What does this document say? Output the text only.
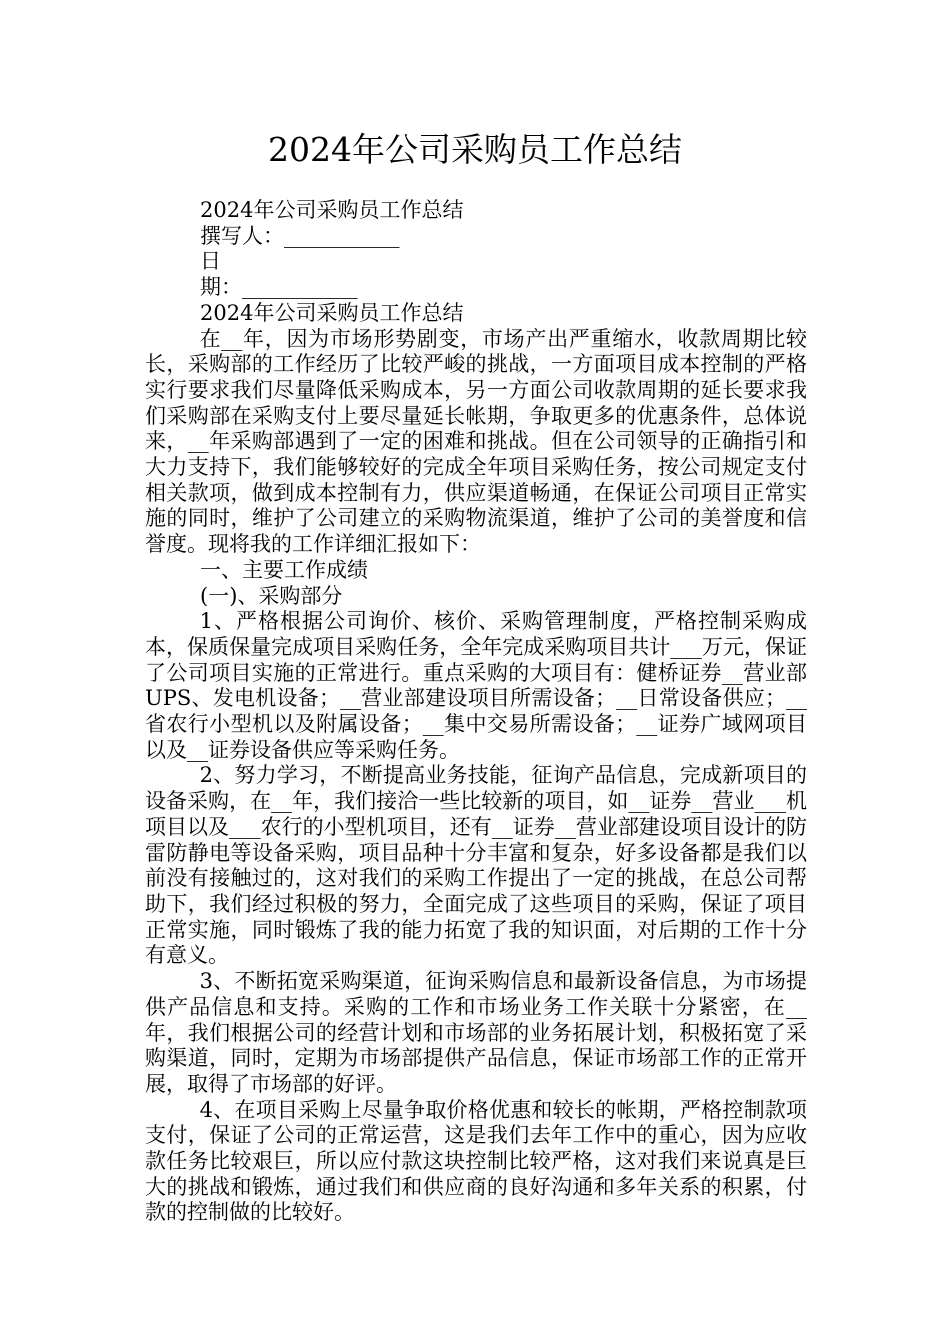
2024年公司采购员工作总结

2024年公司采购员工作总结

撰写人：___________

日

期：___________

2024年公司采购员工作总结

在__年，因为市场形势剧变，市场产出严重缩水，收款周期比较长，采购部的工作经历了比较严峻的挑战，一方面项目成本控制的严格实行要求我们尽量降低采购成本，另一方面公司收款周期的延长要求我们采购部在采购支付上要尽量延长帐期，争取更多的优惠条件，总体说来，__年采购部遇到了一定的困难和挑战。但在公司领导的正确指引和大力支持下，我们能够较好的完成全年项目采购任务，按公司规定支付相关款项，做到成本控制有力，供应渠道畅通，在保证公司项目正常实施的同时，维护了公司建立的采购物流渠道，维护了公司的美誉度和信誉度。现将我的工作详细汇报如下：

一、主要工作成绩

(一)、采购部分

1、严格根据公司询价、核价、采购管理制度，严格控制采购成本，保质保量完成项目采购任务，全年完成采购项目共计___万元，保证了公司项目实施的正常进行。重点采购的大项目有：健桥证券__营业部UPS、发电机设备；__营业部建设项目所需设备；__日常设备供应；__省农行小型机以及附属设备；__集中交易所需设备；__证券广域网项目以及__证券设备供应等采购任务。

2、努力学习，不断提高业务技能，征询产品信息，完成新项目的设备采购，在__年，我们接洽一些比较新的项目，如__证券__营业___机项目以及___农行的小型机项目，还有__证券__营业部建设项目设计的防雷防静电等设备采购，项目品种十分丰富和复杂，好多设备都是我们以前没有接触过的，这对我们的采购工作提出了一定的挑战，在总公司帮助下，我们经过积极的努力，全面完成了这些项目的采购，保证了项目正常实施，同时锻炼了我的能力拓宽了我的知识面，对后期的工作十分有意义。

3、不断拓宽采购渠道，征询采购信息和最新设备信息，为市场提供产品信息和支持。采购的工作和市场业务工作关联十分紧密，在__年，我们根据公司的经营计划和市场部的业务拓展计划，积极拓宽了采购渠道，同时，定期为市场部提供产品信息，保证市场部工作的正常开展，取得了市场部的好评。

4、在项目采购上尽量争取价格优惠和较长的帐期，严格控制款项支付，保证了公司的正常运营，这是我们去年工作中的重心，因为应收款任务比较艰巨，所以应付款这块控制比较严格，这对我们来说真是巨大的挑战和锻炼，通过我们和供应商的良好沟通和多年关系的积累，付款的控制做的比较好。
